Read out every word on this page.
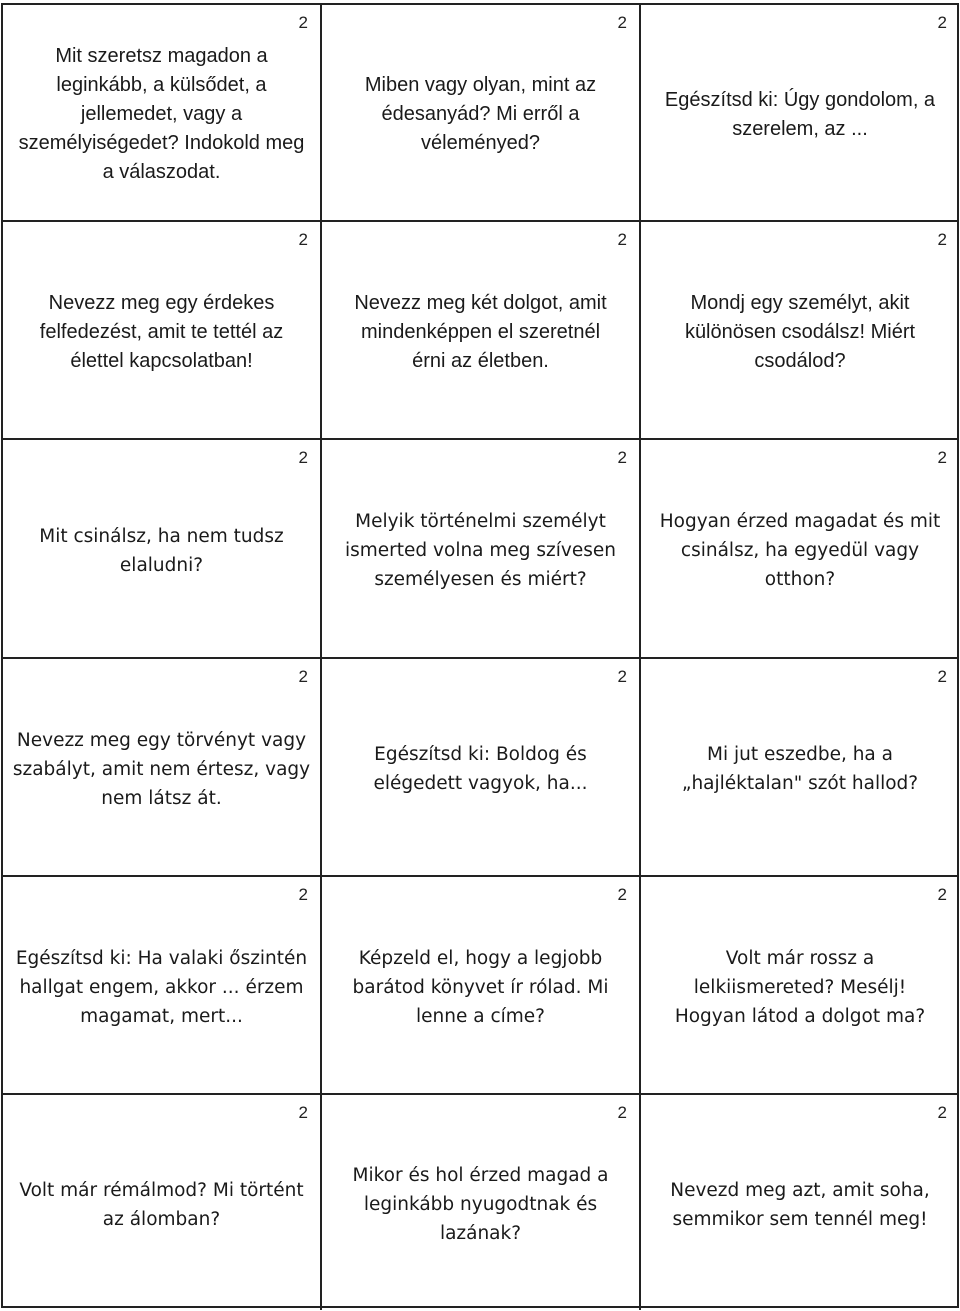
2
Mit szeretsz magadon a
leginkább, a külsődet, a
jellemedet, vagy a
személyiségedet? Indokold meg
a válaszodat.
2
Miben vagy olyan, mint az
édesanyád? Mi erről a
véleményed?
2
Egészítsd ki: Úgy gondolom, a
szerelem, az ...
2
Nevezz meg egy érdekes
felfedezést, amit te tettél az
élettel kapcsolatban!
2
Nevezz meg két dolgot, amit
mindenképpen el szeretnél
érni az életben.
2
Mondj egy személyt, akit
különösen csodálsz! Miért
csodálod?
2
Mit csinálsz, ha nem tudsz
elaludni?
2
Melyik történelmi személyt
ismerted volna meg szívesen
személyesen és miért?
2
Hogyan érzed magadat és mit
csinálsz, ha egyedül vagy
otthon?
2
Nevezz meg egy törvényt vagy
szabályt, amit nem értesz, vagy
nem látsz át.
2
Egészítsd ki: Boldog és
elégedett vagyok, ha...
2
Mi jut eszedbe, ha a
„hajléktalan" szót hallod?
2
Egészítsd ki: Ha valaki őszintén
hallgat engem, akkor ... érzem
magamat, mert...
2
Képzeld el, hogy a legjobb
barátod könyvet ír rólad. Mi
lenne a címe?
2
Volt már rossz a
lelkiismereted? Mesélj!
Hogyan látod a dolgot ma?
2
Volt már rémálmod? Mi történt
az álomban?
2
Mikor és hol érzed magad a
leginkább nyugodtnak és
lazának?
2
Nevezd meg azt, amit soha,
semmikor sem tennél meg!
